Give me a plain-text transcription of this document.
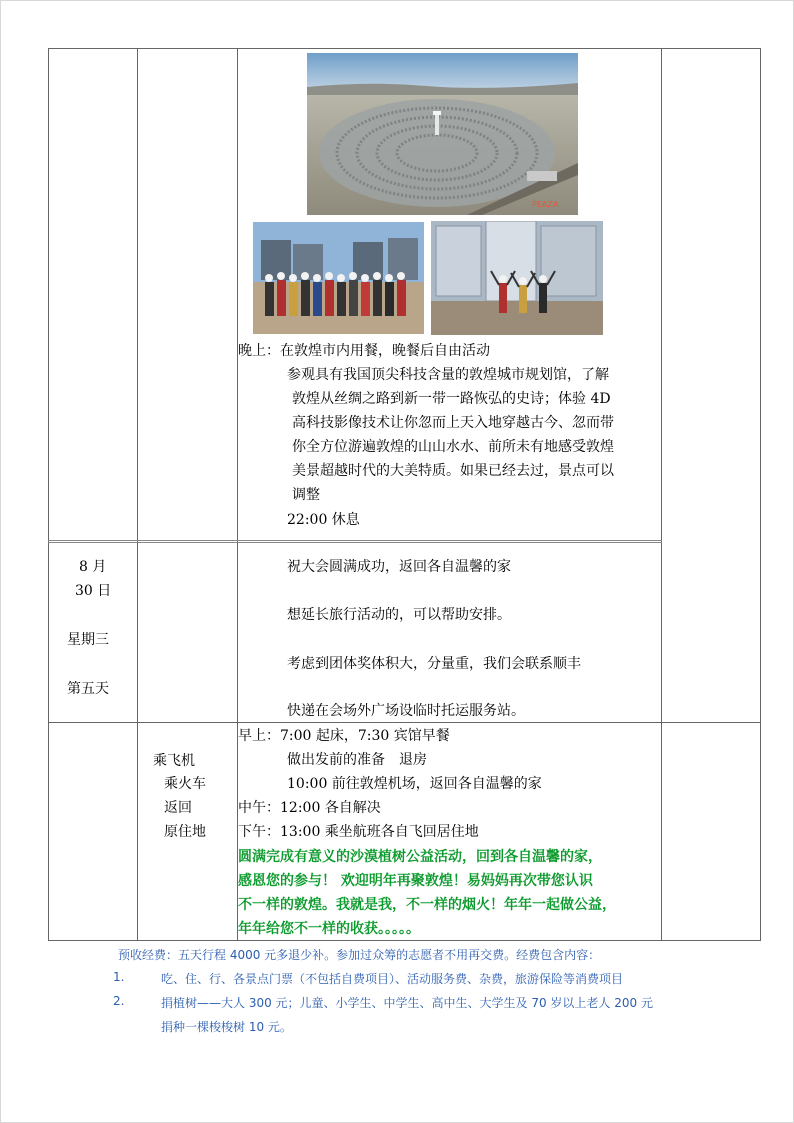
PEAZA
晚上：在敦煌市内用餐，晚餐后自由活动
参观具有我国顶尖科技含量的敦煌城市规划馆，了解
敦煌从丝绸之路到新一带一路恢弘的史诗；体验 4D
高科技影像技术让你忽而上天入地穿越古今、忽而带
你全方位游遍敦煌的山山水水、前所未有地感受敦煌
美景超越时代的大美特质。如果已经去过，景点可以
调整
22:00 休息
8 月
30 日
星期三
第五天
祝大会圆满成功，返回各自温馨的家
想延长旅行活动的，可以帮助安排。
考虑到团体奖体积大，分量重，我们会联系顺丰
快递在会场外广场设临时托运服务站。
乘飞机
乘火车
返回
原住地
早上：7:00 起床，7:30 宾馆早餐
做出发前的准备　退房
10:00 前往敦煌机场，返回各自温馨的家
中午：12:00 各自解决
下午：13:00 乘坐航班各自飞回居住地
圆满完成有意义的沙漠植树公益活动，回到各自温馨的家，
感恩您的参与！ 欢迎明年再聚敦煌！易妈妈再次带您认识
不一样的敦煌。我就是我，不一样的烟火！年年一起做公益，
年年给您不一样的收获。。。。。
预收经费：五天行程 4000 元多退少补。参加过众筹的志愿者不用再交费。经费包含内容：
1.	吃、住、行、各景点门票（不包括自费项目）、活动服务费、杂费，旅游保险等消费项目
2.	捐植树——大人 300 元；儿童、小学生、中学生、高中生、大学生及 70 岁以上老人 200 元
捐种一棵梭梭树 10 元。
